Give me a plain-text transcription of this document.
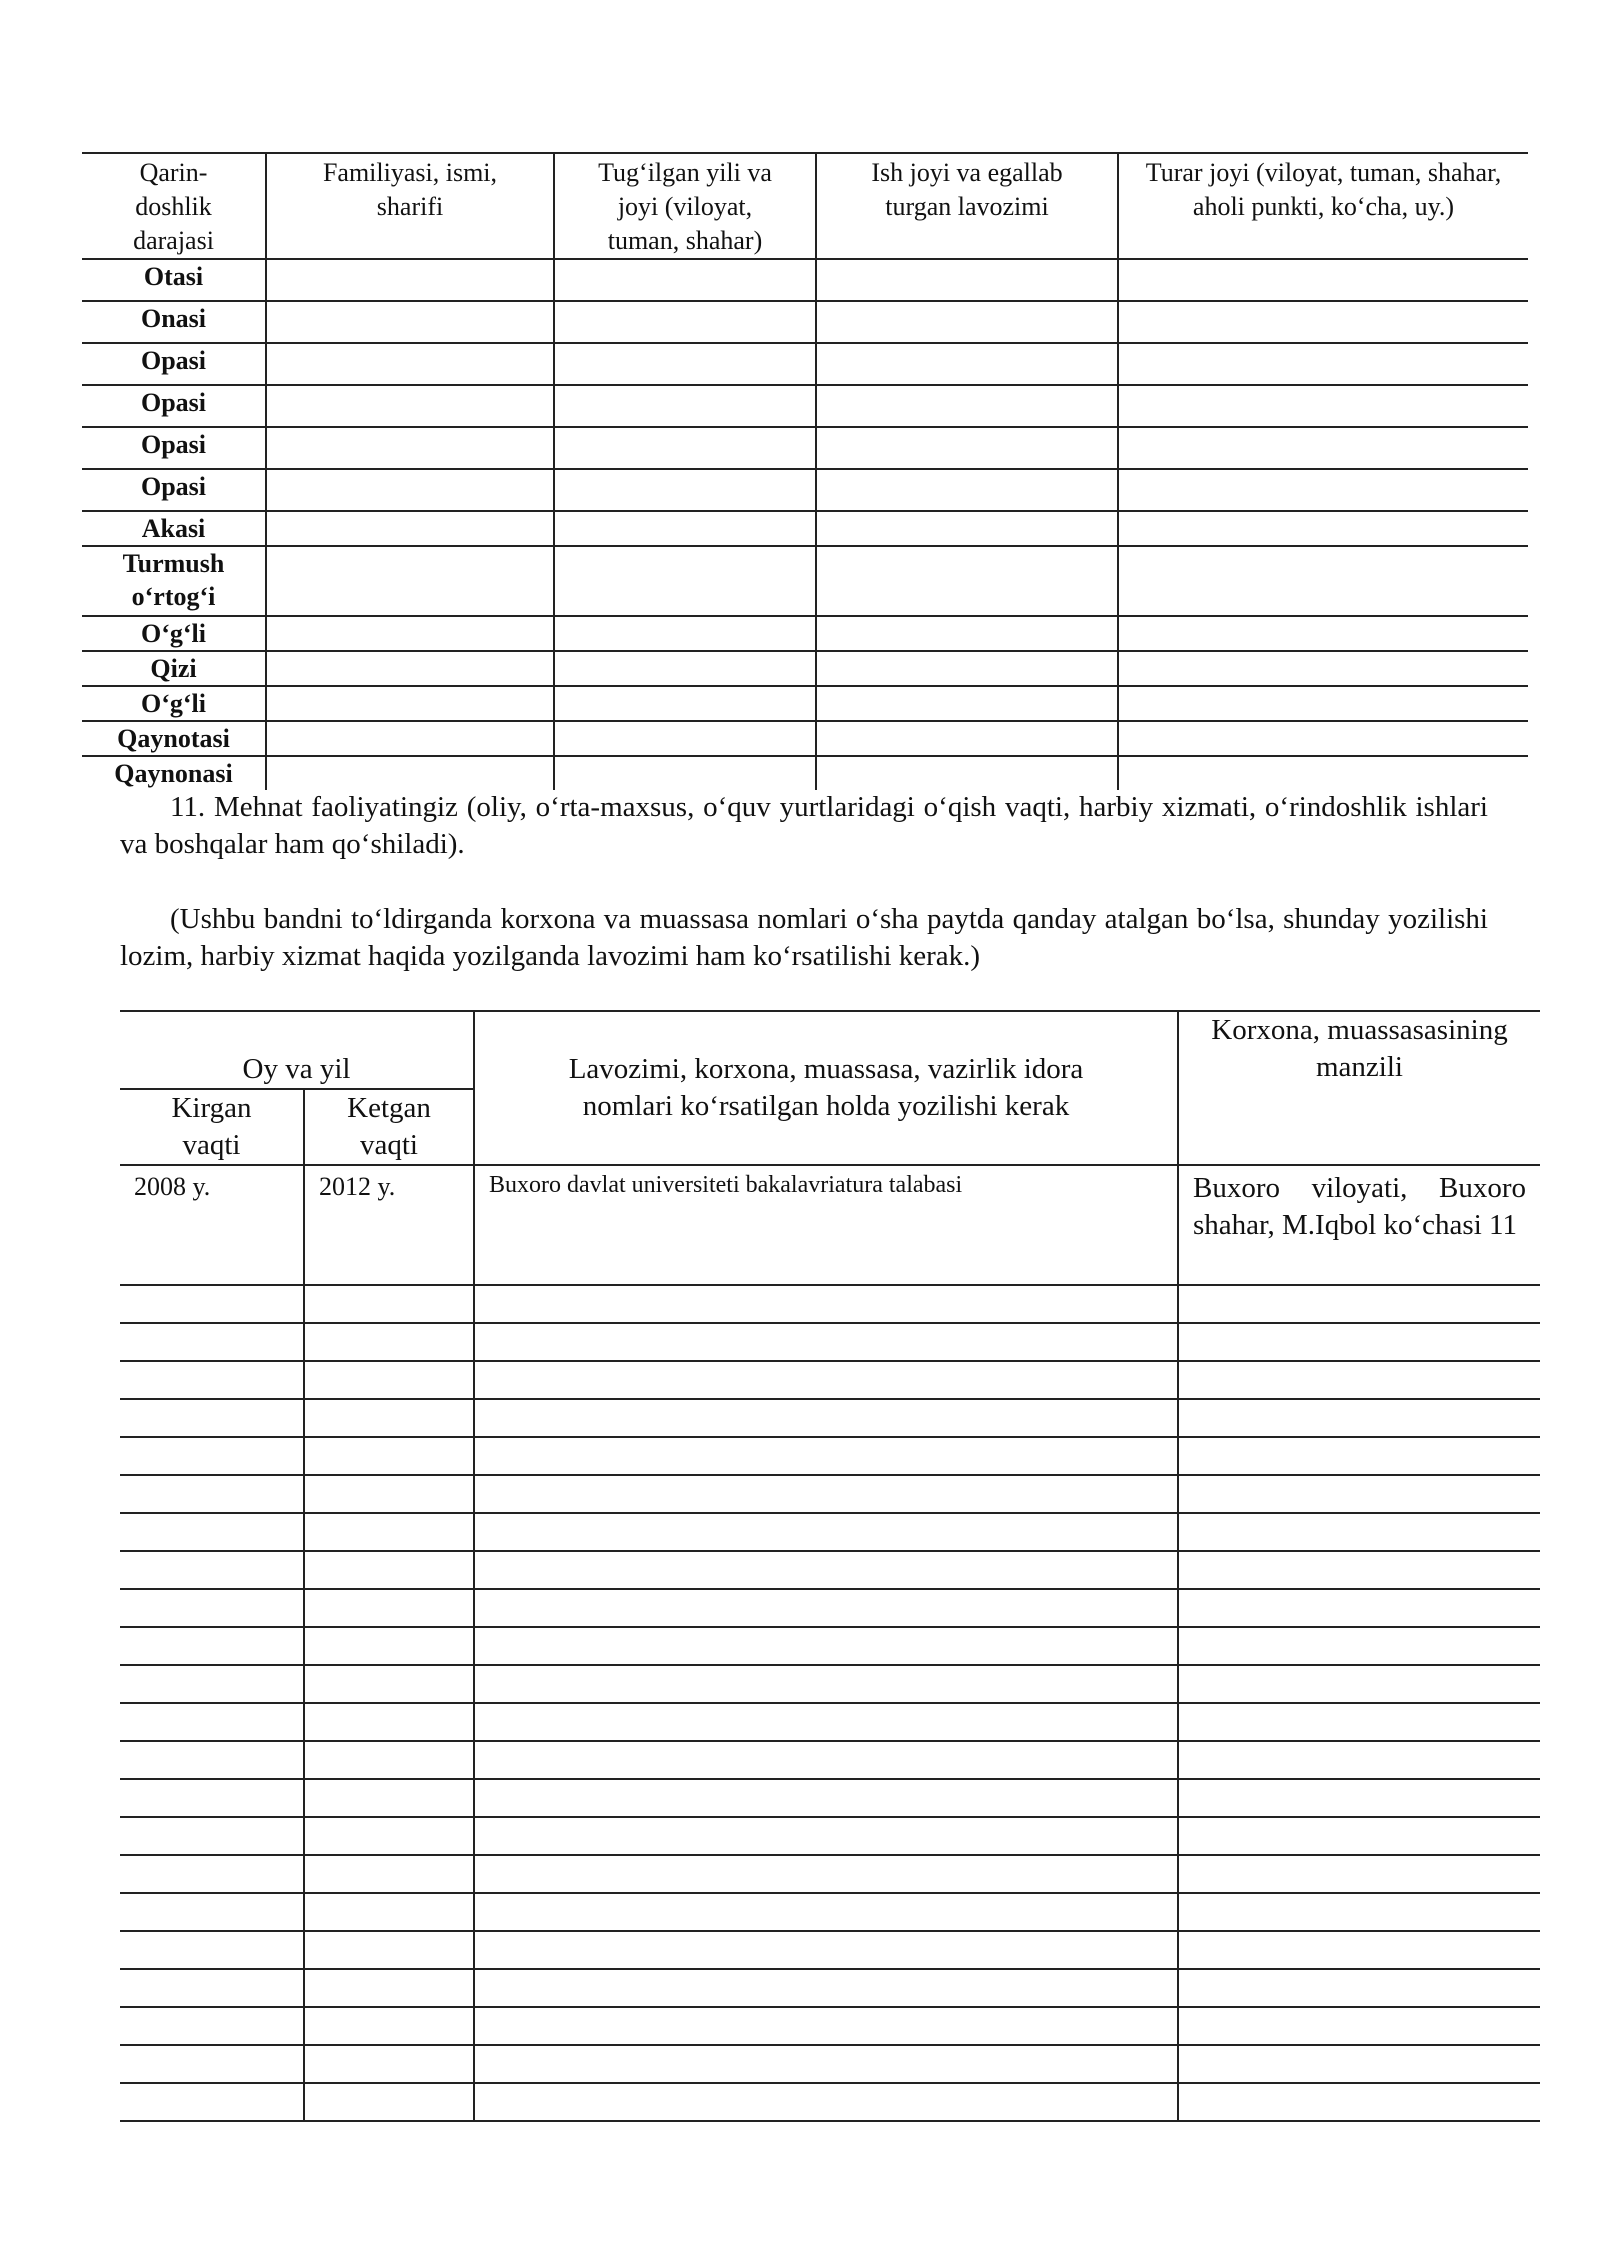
Qarin-doshlik darajasi	Familiyasi, ismi, sharifi	Tug‘ilgan yili va joyi (viloyat, tuman, shahar)	Ish joyi va egallab turgan lavozimi	Turar joyi (viloyat, tuman, shahar, aholi punkti, ko‘cha, uy.)

Otasi				
Onasi				
Opasi				
Opasi				
Opasi				
Opasi				
Akasi				
Turmush o‘rtog‘i				
O‘g‘li				
Qizi				
O‘g‘li				
Qaynotasi				
Qaynonasi				

11. Mehnat faoliyatingiz (oliy, o‘rta-maxsus, o‘quv yurtlaridagi o‘qish vaqti, harbiy xizmati, o‘rindoshlik ishlari va boshqalar ham qo‘shiladi).

(Ushbu bandni to‘ldirganda korxona va muassasa nomlari o‘sha paytda qanday atalgan bo‘lsa, shunday yozilishi lozim, harbiy xizmat haqida yozilganda lavozimi ham ko‘rsatilishi kerak.)

Oy va yil		Lavozimi, korxona, muassasa, vazirlik idora nomlari ko‘rsatilgan holda yozilishi kerak	Korxona, muassasasining manzili

Kirgan vaqti	Ketgan vaqti		

2008 y.	2012 y.	Buxoro davlat universiteti bakalavriatura talabasi	Buxoro viloyati, Buxoro shahar, M.Iqbol ko‘chasi 11
